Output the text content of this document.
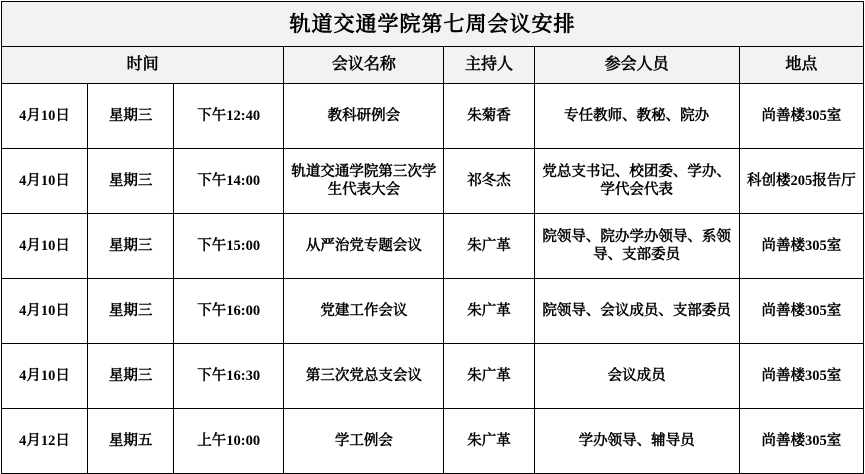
轨道交通学院第七周会议安排						
时间			会议名称	主持人	参会人员	地点
4月10日	星期三	下午12:40	教科研例会	朱菊香	专任教师、教秘、院办	尚善楼305室
4月10日	星期三	下午14:00	轨道交通学院第三次学生代表大会	祁冬杰	党总支书记、校团委、学办、学代会代表	科创楼205报告厅
4月10日	星期三	下午15:00	从严治党专题会议	朱广革	院领导、院办学办领导、系领导、支部委员	尚善楼305室
4月10日	星期三	下午16:00	党建工作会议	朱广革	院领导、会议成员、支部委员	尚善楼305室
4月10日	星期三	下午16:30	第三次党总支会议	朱广革	会议成员	尚善楼305室
4月12日	星期五	上午10:00	学工例会	朱广革	学办领导、辅导员	尚善楼305室
